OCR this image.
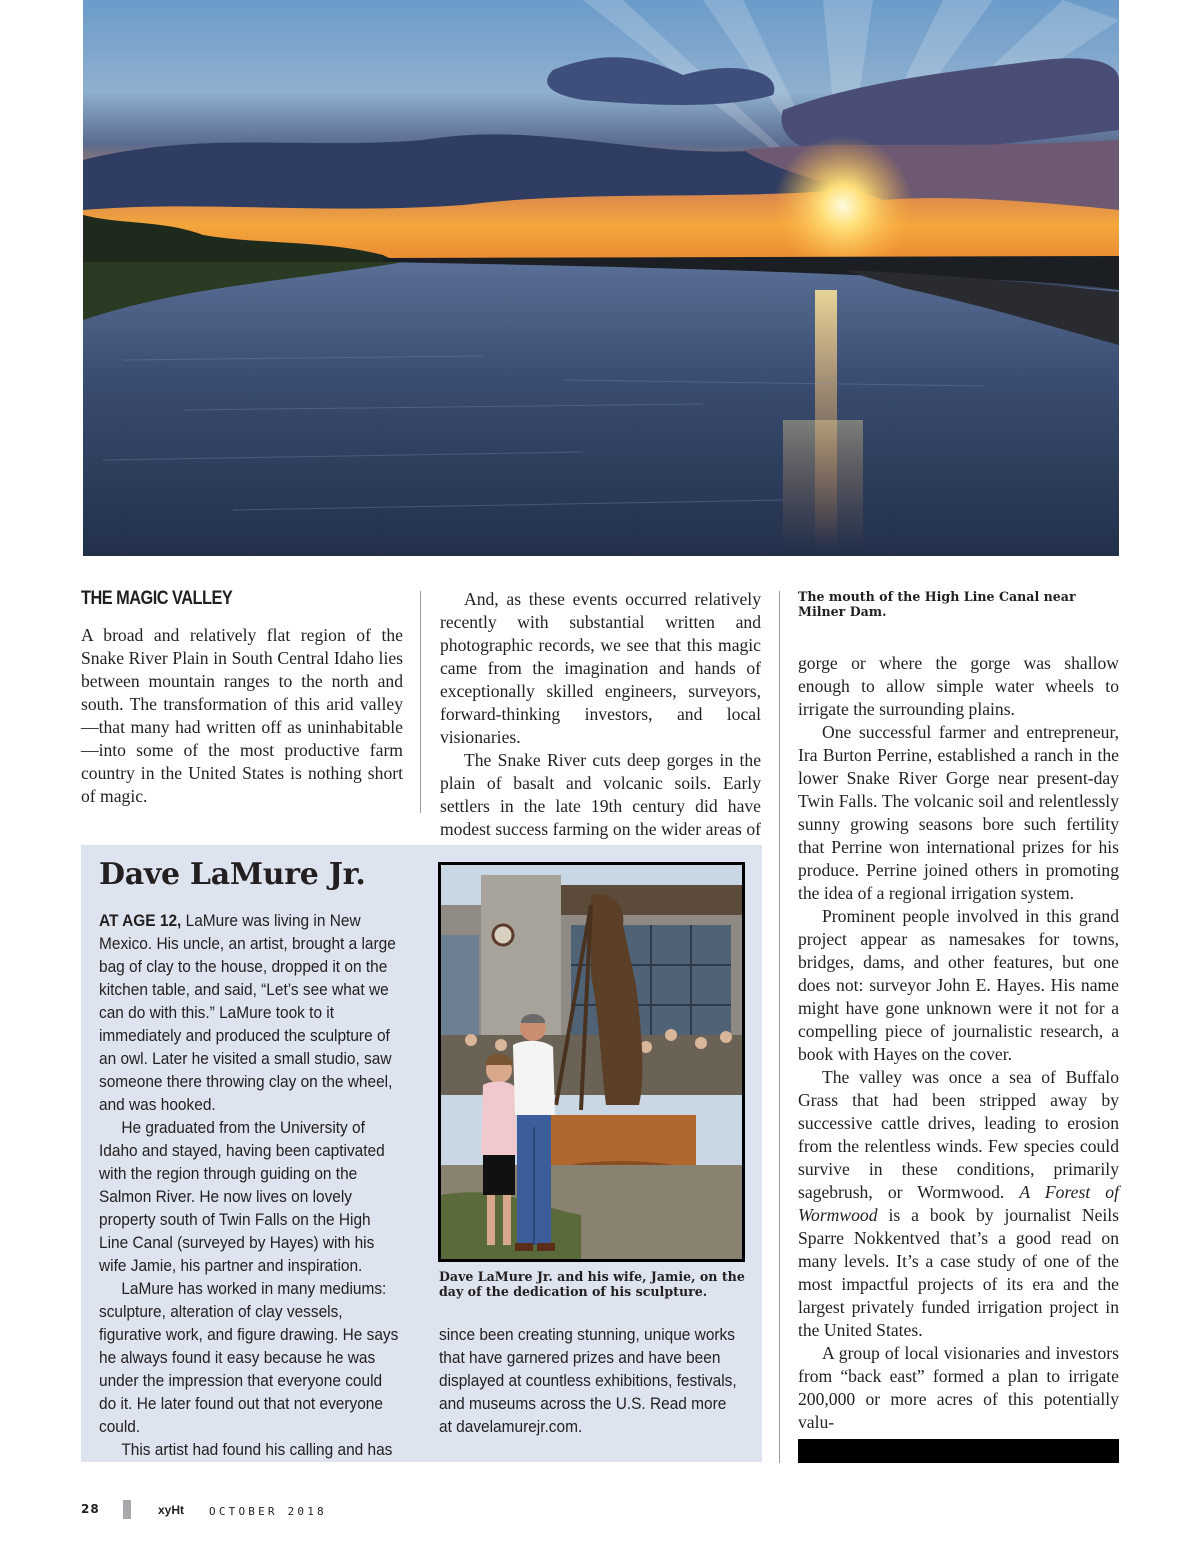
THE MAGIC VALLEY

A broad and relatively flat region of the Snake River Plain in South Central Idaho lies between mountain ranges to the north and south. The transformation of this arid valley—that many had written off as uninhabitable—into some of the most productive farm country in the United States is nothing short of magic.

And, as these events occurred relatively recently with substantial written and photographic records, we see that this magic came from the imagination and hands of exceptionally skilled engineers, surveyors, forward-thinking investors, and local visionaries.

The Snake River cuts deep gorges in the plain of basalt and volcanic soils. Early settlers in the late 19th century did have modest success farming on the wider areas of

The mouth of the High Line Canal near Milner Dam.

gorge or where the gorge was shallow enough to allow simple water wheels to irrigate the surrounding plains.

One successful farmer and entrepreneur, Ira Burton Perrine, established a ranch in the lower Snake River Gorge near present-day Twin Falls. The volcanic soil and relentlessly sunny growing seasons bore such fertility that Perrine won international prizes for his produce. Perrine joined others in promoting the idea of a regional irrigation system.

Prominent people involved in this grand project appear as namesakes for towns, bridges, dams, and other features, but one does not: surveyor John E. Hayes. His name might have gone unknown were it not for a compelling piece of journalistic research, a book with Hayes on the cover.

The valley was once a sea of Buffalo Grass that had been stripped away by successive cattle drives, leading to erosion from the relentless winds. Few species could survive in these conditions, primarily sagebrush, or Wormwood. A Forest of Wormwood is a book by journalist Neils Sparre Nokkentved that’s a good read on many levels. It’s a case study of one of the most impactful projects of its era and the largest privately funded irrigation project in the United States.

A group of local visionaries and investors from “back east” formed a plan to irrigate 200,000 or more acres of this potentially valu-

Dave LaMure Jr.

AT AGE 12, LaMure was living in New Mexico. His uncle, an artist, brought a large bag of clay to the house, dropped it on the kitchen table, and said, “Let’s see what we can do with this.” LaMure took to it immediately and produced the sculpture of an owl. Later he visited a small studio, saw someone there throwing clay on the wheel, and was hooked.

He graduated from the University of Idaho and stayed, having been captivated with the region through guiding on the Salmon River. He now lives on lovely property south of Twin Falls on the High Line Canal (surveyed by Hayes) with his wife Jamie, his partner and inspiration.

LaMure has worked in many mediums: sculpture, alteration of clay vessels, figurative work, and figure drawing. He says he always found it easy because he was under the impression that everyone could do it. He later found out that not everyone could.

This artist had found his calling and has

Dave LaMure Jr. and his wife, Jamie, on the day of the dedication of his sculpture.

since been creating stunning, unique works that have garnered prizes and have been displayed at countless exhibitions, festivals, and museums across the U.S. Read more at davelamurejr.com.

28	xyHt OCTOBER 2018
